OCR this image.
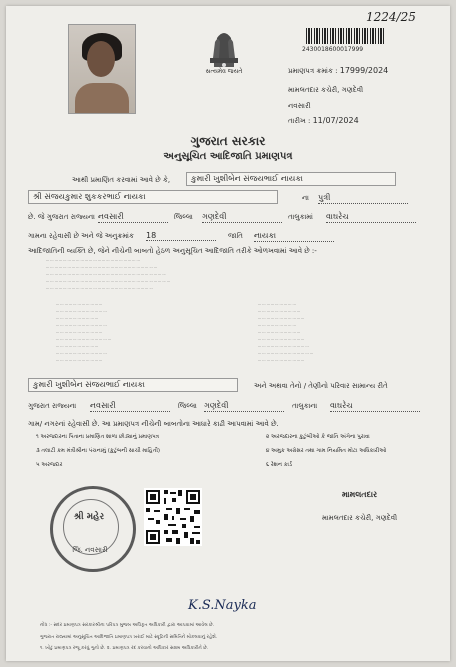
સત્યમેવ જયતે
1224/25
2430018600017999
પ્રમાણપત્ર ક્રમાંક : 17999/2024
મામલતદાર કચેરી, ગણદેવી
નવસારી
તારીખ : 11/07/2024
ગુજરાત સરકાર
અનુસૂચિત આદિજાતિ પ્રમાણપત્ર
આથી પ્રમાણિત કરવામાં આવે છે કે,	કુમારી ખુશીબેન સંજયભાઈ નાયકા
શ્રી સંજયકુમાર શુકકરભાઈ નાયકા	ના પુત્રી
છે. જે ગુજરાત રાજ્યના નવસારી	જિલ્લા ગણદેવી	તાલુકામાં વાઘરેચ
ગામના રહેવાસી છે અને જે અનુક્રમાંક 18	જાતિ નાયકા
આદિજાતિની વ્યક્તિ છે, જેને નીચેની બાબતો હેઠળ અનુસૂચિત આદિજાતિ તરીકે ઓળખવામાં આવે છે :-
··· ··· ··· ··· ··· ··· ··· ··· ··· ··· ··· ··· ··· ··· ··· ··· ··· ··· ··· ··· ··· ···
··· ··· ··· ··· ··· ··· ··· ··· ··· ··· ··· ··· ··· ··· ··· ··· ··· ··· ··· ··· ··· ··· ··· ··· ··· ···
··· ··· ··· ··· ··· ··· ··· ··· ··· ··· ··· ··· ··· ··· ··· ··· ··· ··· ··· ··· ··· ··· ··· ··· ··· ··· ··· ···
··· ··· ··· ··· ··· ··· ··· ··· ··· ··· ··· ··· ··· ··· ··· ··· ··· ··· ··· ··· ··· ··· ··· ··· ··· ··· ··· ··· ···
··· ··· ··· ··· ··· ··· ··· ··· ··· ··· ··· ··· ··· ··· ··· ··· ··· ··· ··· ··· ··· ··· ··· ··· ···
··· ··· ··· ··· ··· ··· ··· ··· ··· ··· ···
··· ··· ··· ··· ··· ··· ··· ··· ··· ··· ··· ···
··· ··· ··· ··· ··· ··· ··· ··· ··· ···
··· ··· ··· ··· ··· ··· ··· ··· ··· ··· ··· ···
··· ··· ··· ··· ··· ··· ··· ··· ··· ··· ···
··· ··· ··· ··· ··· ··· ··· ··· ··· ··· ··· ··· ···
··· ··· ··· ··· ··· ··· ··· ··· ··· ···
··· ··· ··· ··· ··· ··· ··· ··· ··· ··· ··· ···
··· ··· ··· ··· ··· ··· ··· ··· ··· ··· ···
··· ··· ··· ··· ··· ··· ··· ··· ···
··· ··· ··· ··· ··· ··· ··· ··· ··· ···
··· ··· ··· ··· ··· ··· ··· ··· ··· ··· ···
··· ··· ··· ··· ··· ··· ··· ··· ···
··· ··· ··· ··· ··· ··· ··· ··· ··· ···
··· ··· ··· ··· ··· ··· ··· ··· ··· ··· ···
··· ··· ··· ··· ··· ··· ··· ··· ··· ··· ··· ···
··· ··· ··· ··· ··· ··· ··· ··· ··· ··· ··· ··· ···
··· ··· ··· ··· ··· ··· ··· ··· ··· ··· ···
કુમારી ખુશીબેન સંજયભાઈ નાયકા	અને અથવા તેનો / તેણીનો પરિવાર સામાન્ય રીતે
ગુજરાત રાજ્યના નવસારી	જિલ્લા ગણદેવી	તાલુકાના વાઘરેચ
ગામ/ નગરનાં રહેવાસી છે. આ પ્રમાણપત્ર નીચેની બાબતોના આધારે કાઢી આપવામાં આવે છે.
૧ અરજદારના પિતાના પ્રમાણિત શાળા છોડ્યાનું પ્રમાણપત્ર
૩ તલાટી કમ મંત્રીશ્રીના પંચનામું (કુટુંબની સાચી માહિતી)
૫ અરજદાર
૨ અરજદારના કુટુંબીઓ કે જાતિ અંગેના પુરાવા
૪ અમુક અગ્રેસર તથા ગામ નિયમિત મોટા અધિકારીઓ
૬ રેશન કાર્ડ
શ્રી મહેર
જિ. નવસારી
મામલતદાર
મામલતદાર કચેરી, ગણદેવી
K.S.Nayka
નોંધ :- સદર પ્રમાણપત્ર સરકારશ્રીના પરિપત્ર મુજબ અધિકૃત અધિકારી દ્વારા આપવામાં આવેલ છે.
ગુજરાત રાજ્યમાં અનુસૂચિત આદિજાતિ પ્રમાણપત્ર ખરાઈ માટે સ્ક્રૂટિની સમિતિને મોકલવાનું રહેશે.
૧. ખોટું પ્રમાણપત્ર રજૂ કરવું ગુનો છે. ૨. પ્રમાણપત્ર રદ કરવાનો અધિકાર સક્ષમ અધિકારીને છે.
